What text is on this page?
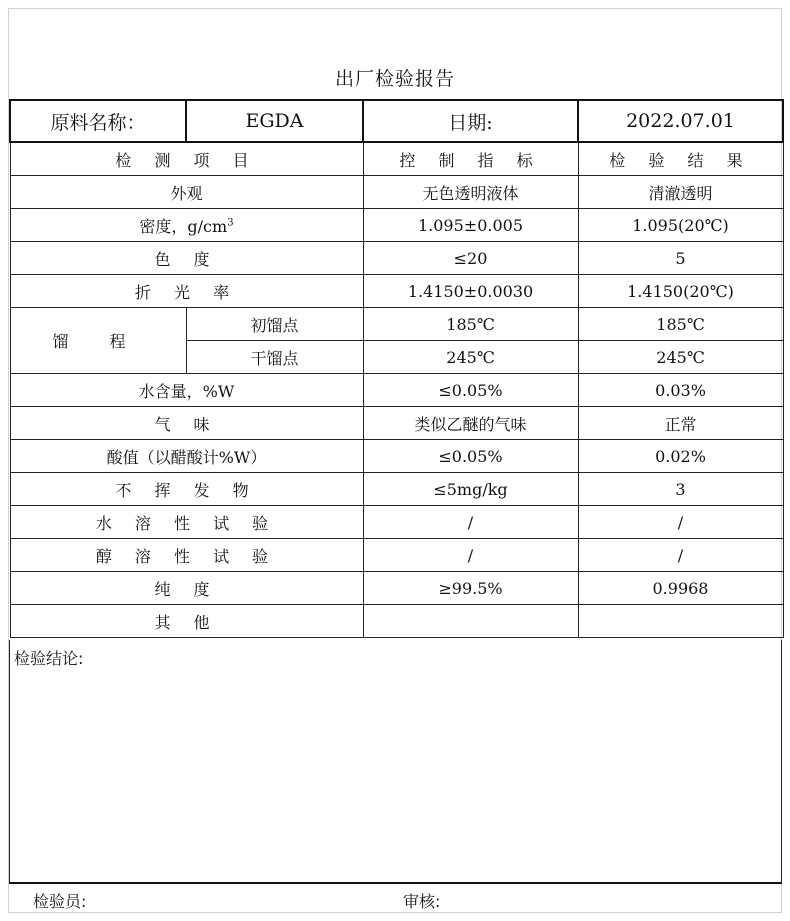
出厂检验报告
原料名称：	EGDA	日期:	2022.07.01
检 测 项 目		控 制 指 标	检 验 结 果
外观		无色透明液体	清澈透明
密度，$g/cm^3$		1.095±0.005	1.095(20℃)
色 度		≤20	5
折 光 率		1.4150±0.0030	1.4150(20℃)
馏 程	初馏点	185℃	185℃
	干馏点	245℃	245℃
水含量，%W		≤0.05%	0.03%
气 味		类似乙醚的气味	正常
酸值（以醋酸计%W）		≤0.05%	0.02%
不 挥 发 物		≤5mg/kg	3
水 溶 性 试 验		/	/
醇 溶 性 试 验		/	/
纯 度		≥99.5%	0.9968
其 他			
检验结论:
检验员:	审核:
